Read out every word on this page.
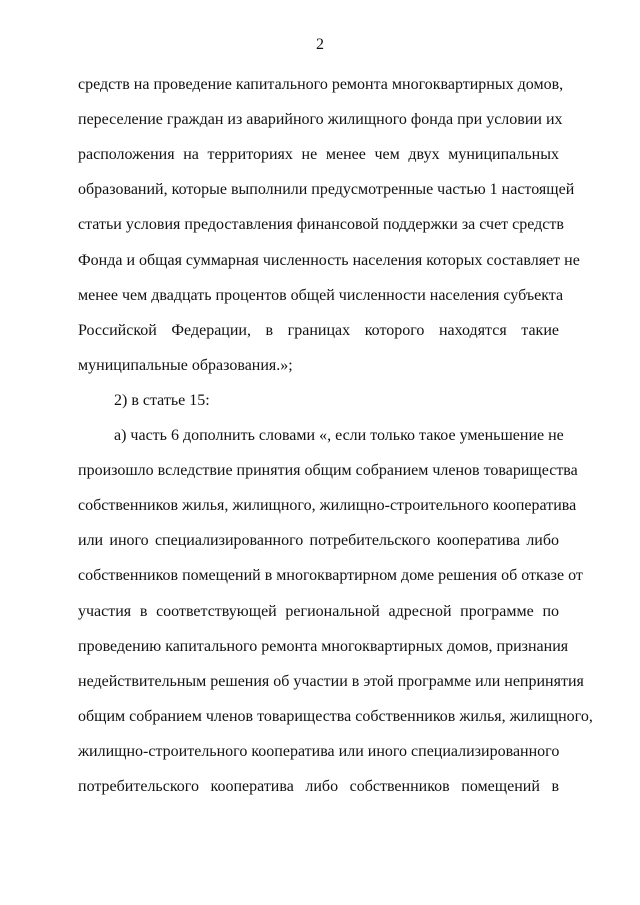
2
средств на проведение капитального ремонта многоквартирных домов,
переселение граждан из аварийного жилищного фонда при условии их
расположения на территориях не менее чем двух муниципальных
образований, которые выполнили предусмотренные частью 1 настоящей
статьи условия предоставления финансовой поддержки за счет средств
Фонда и общая суммарная численность населения которых составляет не
менее чем двадцать процентов общей численности населения субъекта
Российской Федерации, в границах которого находятся такие
муниципальные образования.»;
2) в статье 15:
а) часть 6 дополнить словами «, если только такое уменьшение не
произошло вследствие принятия общим собранием членов товарищества
собственников жилья, жилищного, жилищно-строительного кооператива
или иного специализированного потребительского кооператива либо
собственников помещений в многоквартирном доме решения об отказе от
участия в соответствующей региональной адресной программе по
проведению капитального ремонта многоквартирных домов, признания
недействительным решения об участии в этой программе или непринятия
общим собранием членов товарищества собственников жилья, жилищного,
жилищно-строительного кооператива или иного специализированного
потребительского кооператива либо собственников помещений в
